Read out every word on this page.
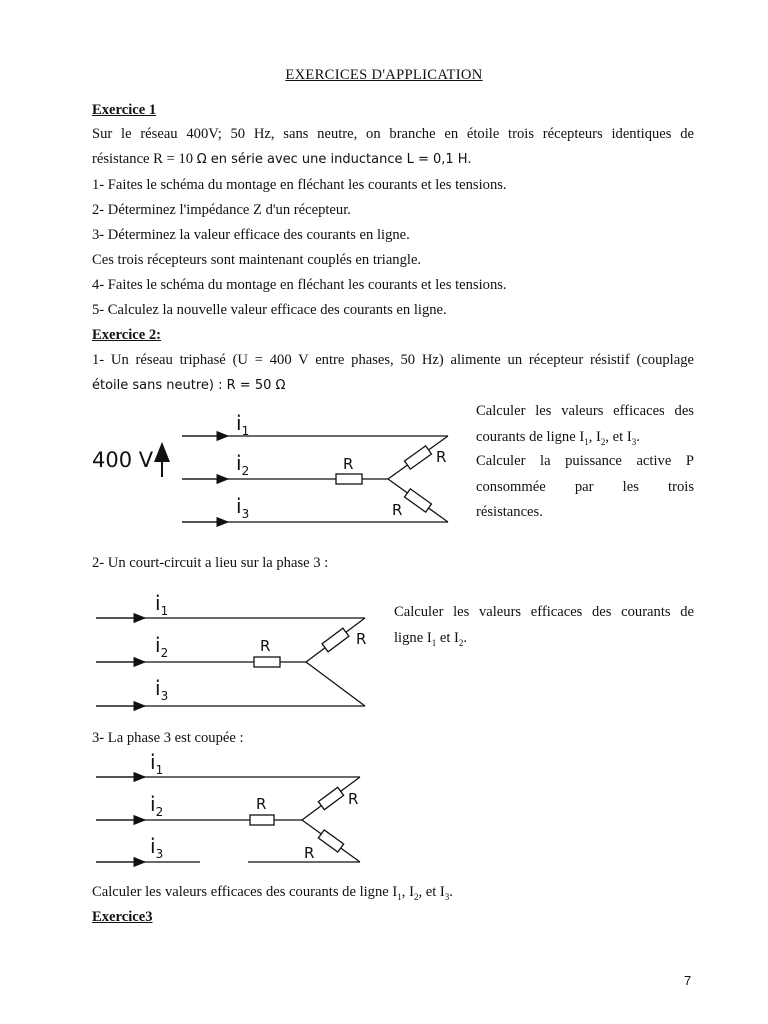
EXERCICES D'APPLICATION
Exercice 1
Sur le réseau 400V; 50 Hz, sans neutre, on branche en étoile trois récepteurs identiques de
résistance R = 10 Ω en série avec une inductance L = 0,1 H.
1- Faites le schéma du montage en fléchant les courants et les tensions.
2- Déterminez l'impédance Z d'un récepteur.
3- Déterminez la valeur efficace des courants en ligne.
Ces trois récepteurs sont maintenant couplés en triangle.
4- Faites le schéma du montage en fléchant les courants et les tensions.
5- Calculez la nouvelle valeur efficace des courants en ligne.
Exercice 2:
1- Un réseau triphasé (U = 400 V entre phases, 50 Hz) alimente un récepteur résistif (couplage
étoile sans neutre) : R = 50 Ω
Calculer les valeurs efficaces des
courants de ligne $I_1$, $I_2$, et $I_3$.
Calculer la puissance active P
consommée par les trois
résistances.
400 V
$i_1$
$i_2$	R	R
R
$i_3$
2- Un court-circuit a lieu sur la phase 3 :
Calculer les valeurs efficaces des courants de
ligne $I_1$ et $I_2$.
$i_1$
$i_2$	R	R
$i_3$
3- La phase 3 est coupée :
$i_1$
$i_2$	R	R
R
$i_3$
Calculer les valeurs efficaces des courants de ligne $I_1$, $I_2$, et $I_3$.
Exercice3
7
